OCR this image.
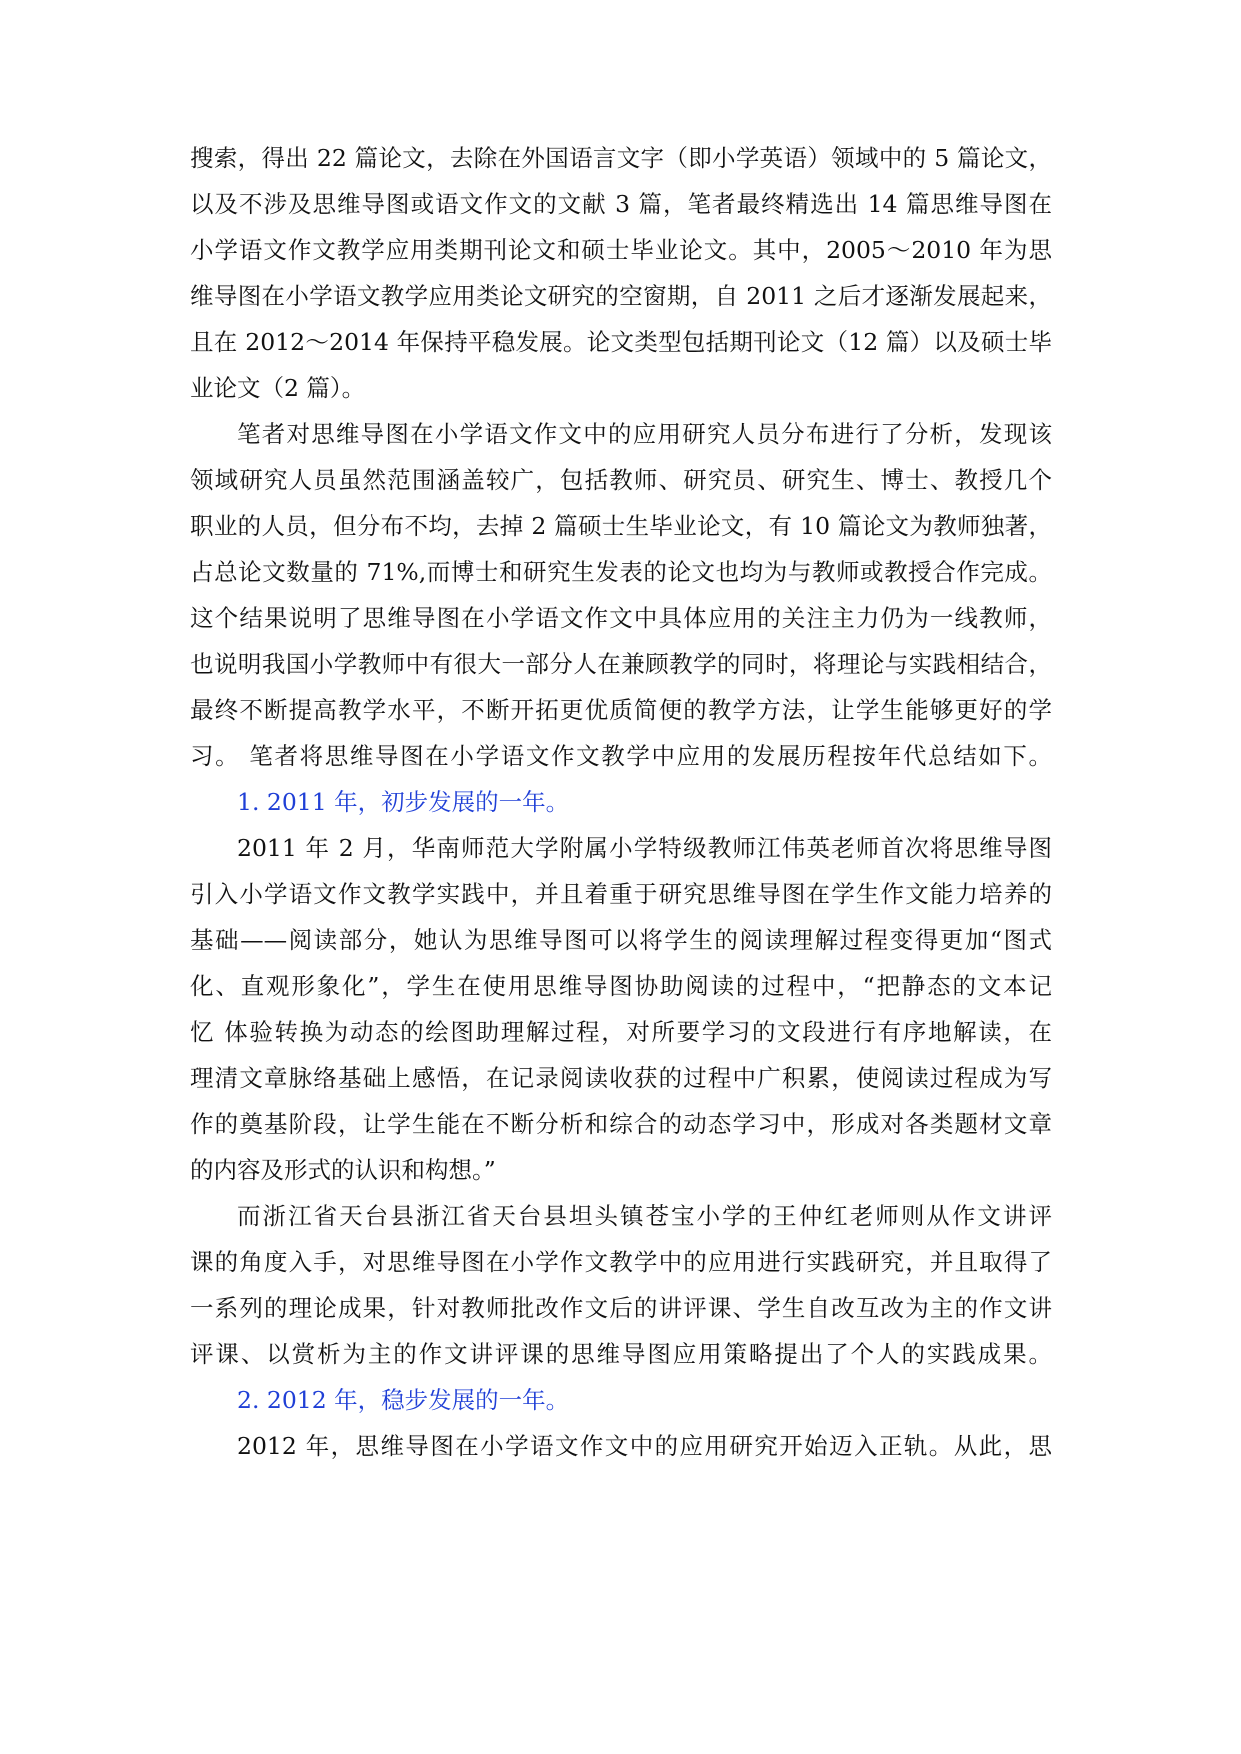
搜索，得出 22 篇论文，去除在外国语言文字（即小学英语）领域中的 5 篇论文，
以及不涉及思维导图或语文作文的文献 3 篇，笔者最终精选出 14 篇思维导图在
小学语文作文教学应用类期刊论文和硕士毕业论文。其中，2005～2010 年为思
维导图在小学语文教学应用类论文研究的空窗期，自 2011 之后才逐渐发展起来，
且在 2012～2014 年保持平稳发展。论文类型包括期刊论文（12 篇）以及硕士毕
业论文（2 篇）。
笔者对思维导图在小学语文作文中的应用研究人员分布进行了分析，发现该
领域研究人员虽然范围涵盖较广，包括教师、研究员、研究生、博士、教授几个
职业的人员，但分布不均，去掉 2 篇硕士生毕业论文，有 10 篇论文为教师独著，
占总论文数量的 71%,而博士和研究生发表的论文也均为与教师或教授合作完成。
这个结果说明了思维导图在小学语文作文中具体应用的关注主力仍为一线教师，
也说明我国小学教师中有很大一部分人在兼顾教学的同时，将理论与实践相结合，
最终不断提高教学水平，不断开拓更优质简便的教学方法，让学生能够更好的学
习。 笔者将思维导图在小学语文作文教学中应用的发展历程按年代总结如下。
1. 2011 年，初步发展的一年。
2011 年 2 月，华南师范大学附属小学特级教师江伟英老师首次将思维导图
引入小学语文作文教学实践中，并且着重于研究思维导图在学生作文能力培养的
基础——阅读部分，她认为思维导图可以将学生的阅读理解过程变得更加“图式
化、直观形象化”，学生在使用思维导图协助阅读的过程中，“把静态的文本记
忆 体验转换为动态的绘图助理解过程，对所要学习的文段进行有序地解读，在
理清文章脉络基础上感悟，在记录阅读收获的过程中广积累，使阅读过程成为写
作的奠基阶段，让学生能在不断分析和综合的动态学习中，形成对各类题材文章
的内容及形式的认识和构想。”
而浙江省天台县浙江省天台县坦头镇苍宝小学的王仲红老师则从作文讲评
课的角度入手，对思维导图在小学作文教学中的应用进行实践研究，并且取得了
一系列的理论成果，针对教师批改作文后的讲评课、学生自改互改为主的作文讲
评课、以赏析为主的作文讲评课的思维导图应用策略提出了个人的实践成果。
2. 2012 年，稳步发展的一年。
2012 年，思维导图在小学语文作文中的应用研究开始迈入正轨。从此，思
